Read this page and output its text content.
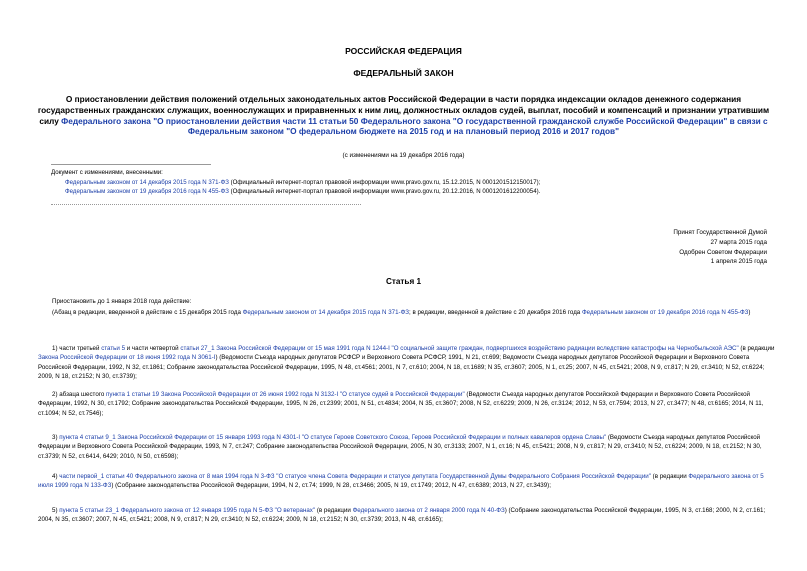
РОССИЙСКАЯ ФЕДЕРАЦИЯ
ФЕДЕРАЛЬНЫЙ ЗАКОН
О приостановлении действия положений отдельных законодательных актов Российской Федерации в части порядка индексации окладов денежного содержания государственных гражданских служащих, военнослужащих и приравненных к ним лиц, должностных окладов судей, выплат, пособий и компенсаций и признании утратившим силу Федерального закона "О приостановлении действия части 11 статьи 50 Федерального закона "О государственной гражданской службе Российской Федерации" в связи с Федеральным законом "О федеральном бюджете на 2015 год и на плановый период 2016 и 2017 годов"
(с изменениями на 19 декабря 2016 года)
Документ с изменениями, внесенными:
Федеральным законом от 14 декабря 2015 года N 371-ФЗ (Официальный интернет-портал правовой информации www.pravo.gov.ru, 15.12.2015, N 0001201512150017);
Федеральным законом от 19 декабря 2016 года N 455-ФЗ (Официальный интернет-портал правовой информации www.pravo.gov.ru, 20.12.2016, N 0001201612200054).
Принят Государственной Думой
27 марта 2015 года
Одобрен Советом Федерации
1 апреля 2015 года
Статья 1
Приостановить до 1 января 2018 года действие:
(Абзац в редакции, введенной в действие с 15 декабря 2015 года Федеральным законом от 14 декабря 2015 года N 371-ФЗ; в редакции, введенной в действие с 20 декабря 2016 года Федеральным законом от 19 декабря 2016 года N 455-ФЗ)
1) части третьей статьи 5 и части четвертой статьи 27_1 Закона Российской Федерации от 15 мая 1991 года N 1244-I "О социальной защите граждан, подвергшихся воздействию радиации вследствие катастрофы на Чернобыльской АЭС" (в редакции Закона Российской Федерации от 18 июня 1992 года N 3061-I) (Ведомости Съезда народных депутатов РСФСР и Верховного Совета РСФСР, 1991, N 21, ст.699; Ведомости Съезда народных депутатов Российской Федерации и Верховного Совета Российской Федерации, 1992, N 32, ст.1861; Собрание законодательства Российской Федерации, 1995, N 48, ст.4561; 2001, N 7, ст.610; 2004, N 18, ст.1689; N 35, ст.3607; 2005, N 1, ст.25; 2007, N 45, ст.5421; 2008, N 9, ст.817; N 29, ст.3410; N 52, ст.6224; 2009, N 18, ст.2152; N 30, ст.3739);
2) абзаца шестого пункта 1 статьи 19 Закона Российской Федерации от 26 июня 1992 года N 3132-I "О статусе судей в Российской Федерации" (Ведомости Съезда народных депутатов Российской Федерации и Верховного Совета Российской Федерации, 1992, N 30, ст.1792; Собрание законодательства Российской Федерации, 1995, N 26, ст.2399; 2001, N 51, ст.4834; 2004, N 35, ст.3607; 2008, N 52, ст.6229; 2009, N 26, ст.3124; 2012, N 53, ст.7594; 2013, N 27, ст.3477; N 48, ст.6165; 2014, N 11, ст.1094; N 52, ст.7546);
3) пункта 4 статьи 9_1 Закона Российской Федерации от 15 января 1993 года N 4301-I "О статусе Героев Советского Союза, Героев Российской Федерации и полных кавалеров ордена Славы" (Ведомости Съезда народных депутатов Российской Федерации и Верховного Совета Российской Федерации, 1993, N 7, ст.247; Собрание законодательства Российской Федерации, 2005, N 30, ст.3133; 2007, N 1, ст.16; N 45, ст.5421; 2008, N 9, ст.817; N 29, ст.3410; N 52, ст.6224; 2009, N 18, ст.2152; N 30, ст.3739; N 52, ст.6414, 6429; 2010, N 50, ст.6598);
4) части первой_1 статьи 40 Федерального закона от 8 мая 1994 года N 3-ФЗ "О статусе члена Совета Федерации и статусе депутата Государственной Думы Федерального Собрания Российской Федерации" (в редакции Федерального закона от 5 июля 1999 года N 133-ФЗ) (Собрание законодательства Российской Федерации, 1994, N 2, ст.74; 1999, N 28, ст.3466; 2005, N 19, ст.1749; 2012, N 47, ст.6389; 2013, N 27, ст.3439);
5) пункта 5 статьи 23_1 Федерального закона от 12 января 1995 года N 5-ФЗ "О ветеранах" (в редакции Федерального закона от 2 января 2000 года N 40-ФЗ) (Собрание законодательства Российской Федерации, 1995, N 3, ст.168; 2000, N 2, ст.161; 2004, N 35, ст.3607; 2007, N 45, ст.5421; 2008, N 9, ст.817; N 29, ст.3410; N 52, ст.6224; 2009, N 18, ст.2152; N 30, ст.3739; 2013, N 48, ст.6165);
